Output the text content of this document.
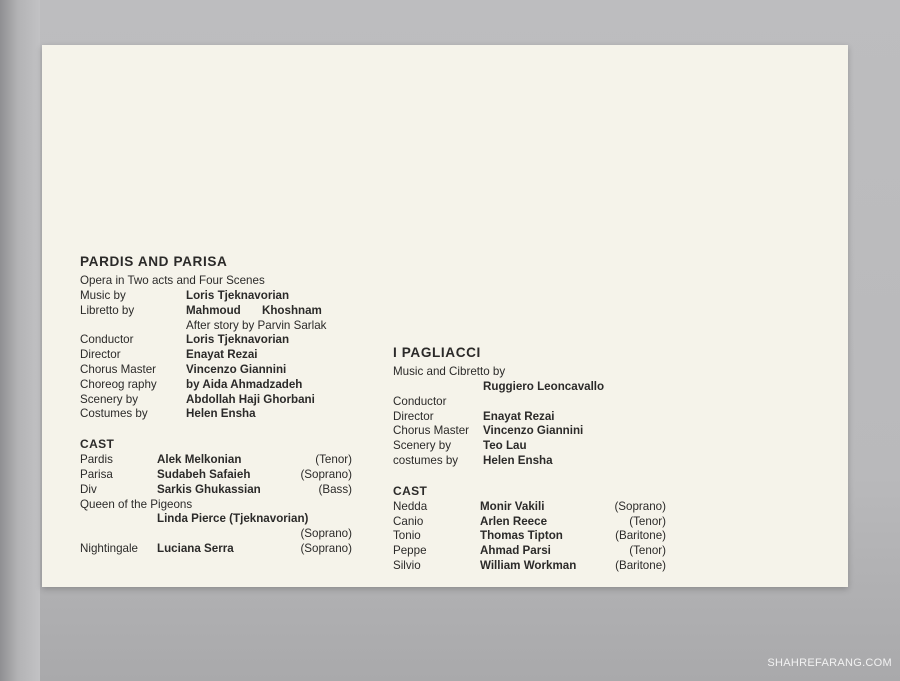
PARDIS AND PARISA
Opera in Two acts and Four Scenes
Music by	Loris Tjeknavorian
Libretto by	Mahmoud Khoshnam
After story by Parvin Sarlak
Conductor	Loris Tjeknavorian
Director	Enayat Rezai
Chorus Master	Vincenzo Giannini
Choreog raphy	by Aida Ahmadzadeh
Scenery by	Abdollah Haji Ghorbani
Costumes by	Helen Ensha
CAST
Pardis	Alek Melkonian	(Tenor)
Parisa	Sudabeh Safaieh	(Soprano)
Div	Sarkis Ghukassian	(Bass)
Queen of the Pigeons
Linda Pierce (Tjeknavorian)
(Soprano)
Nightingale	Luciana Serra	(Soprano)
I PAGLIACCI
Music and Cibretto by
Ruggiero Leoncavallo
Conductor
Director	Enayat Rezai
Chorus Master	Vincenzo Giannini
Scenery by	Teo Lau
costumes by	Helen Ensha
CAST
Nedda	Monir Vakili	(Soprano)
Canio	Arlen Reece	(Tenor)
Tonio	Thomas Tipton	(Baritone)
Peppe	Ahmad Parsi	(Tenor)
Silvio	William Workman	(Baritone)
SHAHREFARANG.COM
